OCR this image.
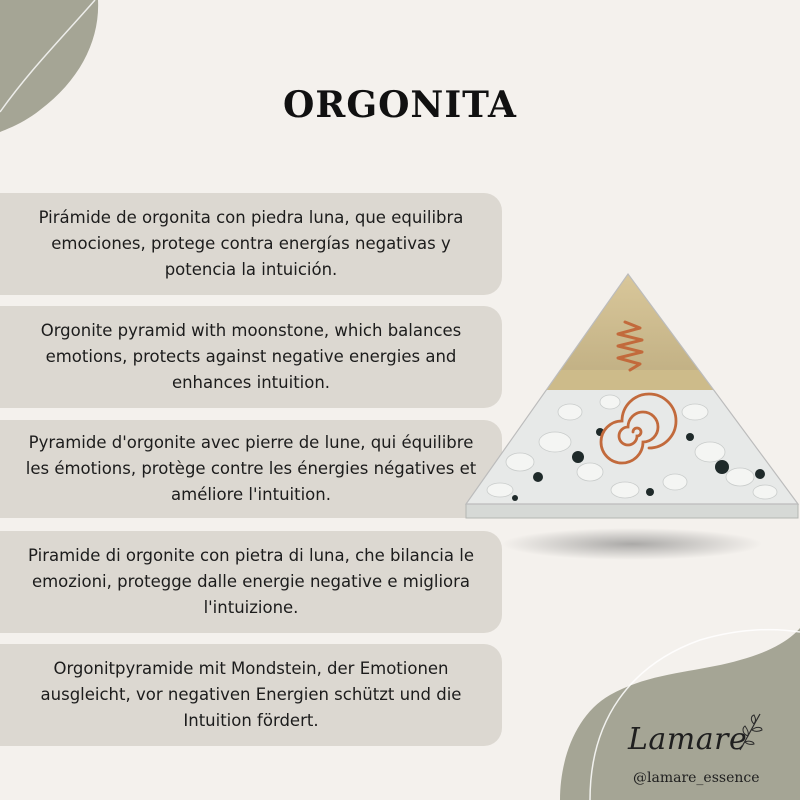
ORGONITA
Pirámide de orgonita con piedra luna, que equilibra
emociones, protege contra energías negativas y
potencia la intuición.
Orgonite pyramid with moonstone, which balances
emotions, protects against negative energies and
enhances intuition.
Pyramide d'orgonite avec pierre de lune, qui équilibre
les émotions, protège contre les énergies négatives et
améliore l'intuition.
Piramide di orgonite con pietra di luna, che bilancia le
emozioni, protegge dalle energie negative e migliora
l'intuizione.
Orgonitpyramide mit Mondstein, der Emotionen
ausgleicht, vor negativen Energien schützt und die
Intuition fördert.
Lamare
@lamare_essence
